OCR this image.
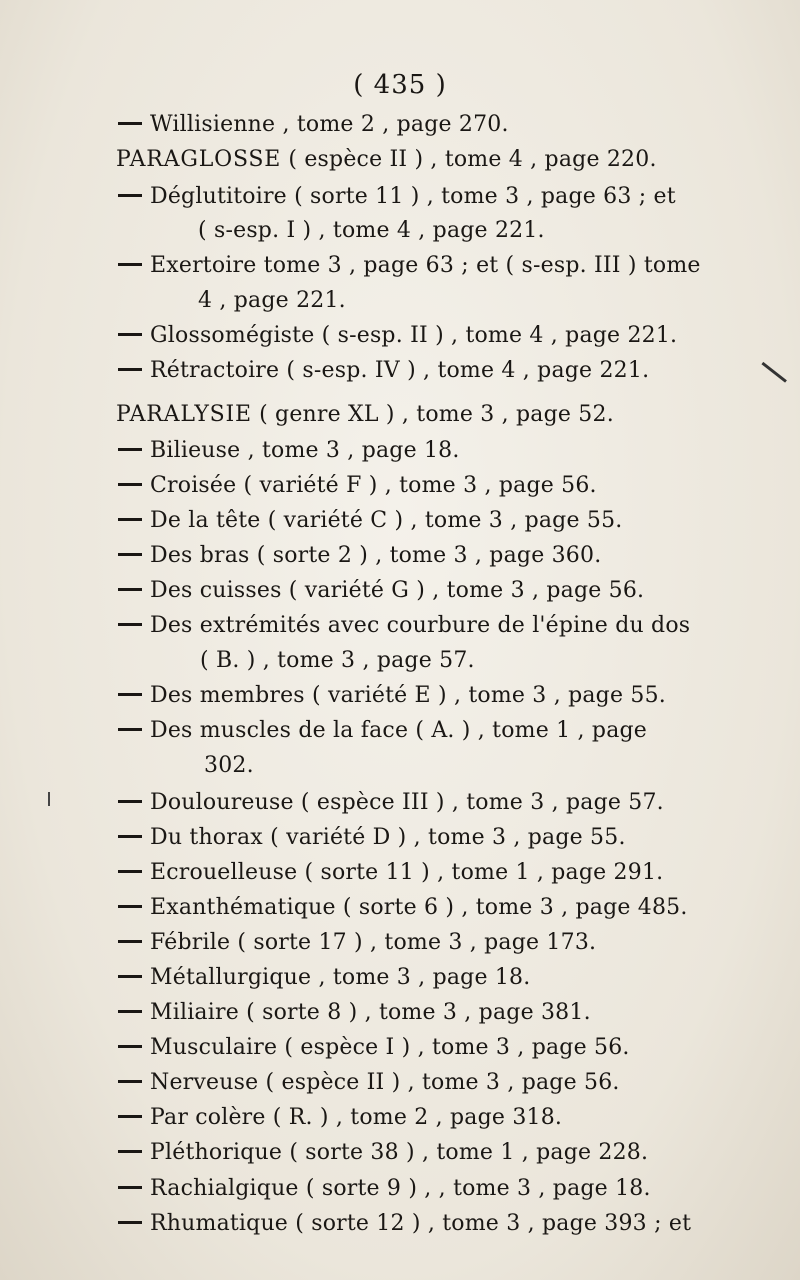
( 435 )
Willisienne , tome 2 , page 270.
PARAGLOSSE ( espèce II ) , tome 4 , page 220.
Déglutitoire ( sorte 11 ) , tome 3 , page 63 ; et
( s-esp. I ) , tome 4 , page 221.
Exertoire tome 3 , page 63 ; et ( s-esp. III ) tome
4 , page 221.
Glossomégiste ( s-esp. II ) , tome 4 , page 221.
Rétractoire ( s-esp. IV ) , tome 4 , page 221.
PARALYSIE ( genre XL ) , tome 3 , page 52.
Bilieuse , tome 3 , page 18.
Croisée ( variété F ) , tome 3 , page 56.
De la tête ( variété C ) , tome 3 , page 55.
Des bras ( sorte 2 ) , tome 3 , page 360.
Des cuisses ( variété G ) , tome 3 , page 56.
Des extrémités avec courbure de l'épine du dos
( B. ) , tome 3 , page 57.
Des membres ( variété E ) , tome 3 , page 55.
Des muscles de la face ( A. ) , tome 1 , page
302.
Douloureuse ( espèce III ) , tome 3 , page 57.
Du thorax ( variété D ) , tome 3 , page 55.
Ecrouelleuse ( sorte 11 ) , tome 1 , page 291.
Exanthématique ( sorte 6 ) , tome 3 , page 485.
Fébrile ( sorte 17 ) , tome 3 , page 173.
Métallurgique , tome 3 , page 18.
Miliaire ( sorte 8 ) , tome 3 , page 381.
Musculaire ( espèce I ) , tome 3 , page 56.
Nerveuse ( espèce II ) , tome 3 , page 56.
Par colère ( R. ) , tome 2 , page 318.
Pléthorique ( sorte 38 ) , tome 1 , page 228.
Rachialgique ( sorte 9 ) , , tome 3 , page 18.
Rhumatique ( sorte 12 ) , tome 3 , page 393 ; et
